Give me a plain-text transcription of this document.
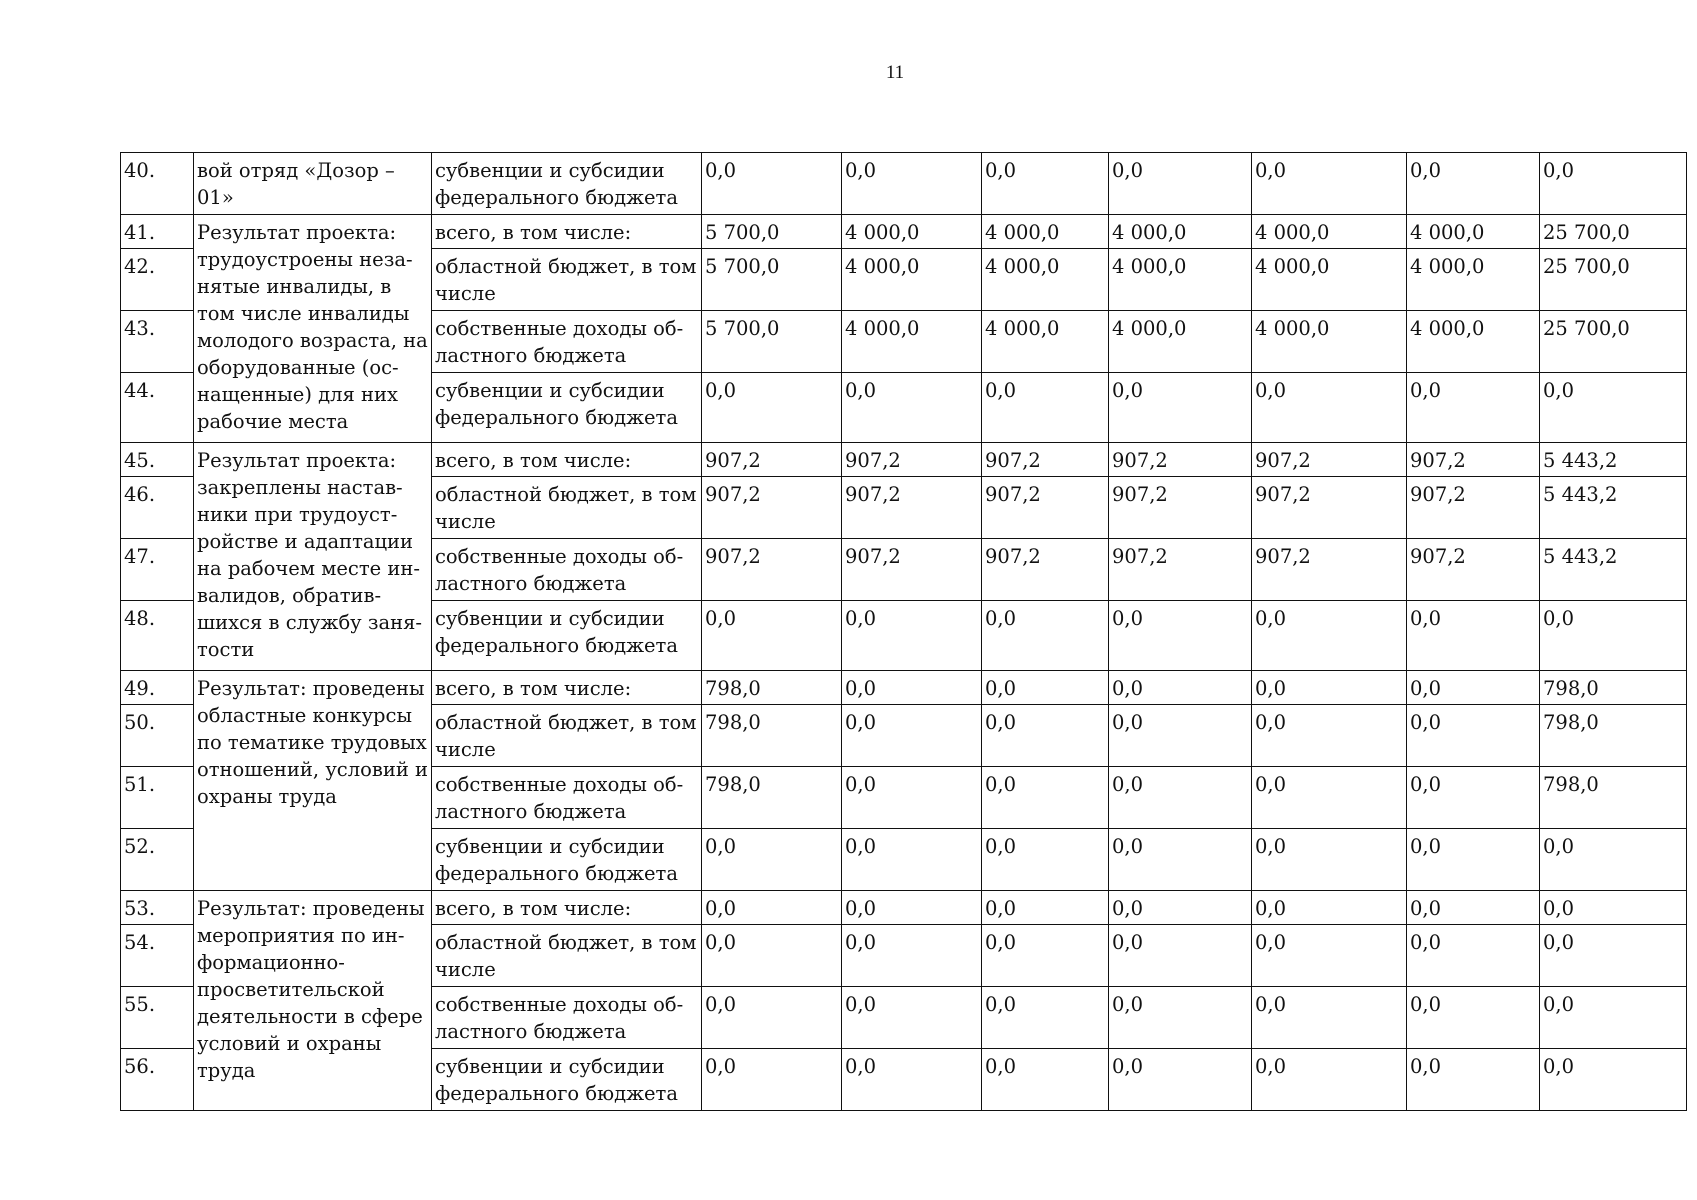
11
40.	вой отряд «Дозор – 01»	субвенции и субсидии федерального бюджета	0,0	0,0	0,0	0,0	0,0	0,0	0,0
41.	Результат проекта: трудоустроены неза-нятые инвалиды, в том числе инвалиды молодого возраста, на оборудованные (ос-нащенные) для них рабочие места	всего, в том числе:	5 700,0	4 000,0	4 000,0	4 000,0	4 000,0	4 000,0	25 700,0
42.		областной бюджет, в том числе	5 700,0	4 000,0	4 000,0	4 000,0	4 000,0	4 000,0	25 700,0
43.		собственные доходы об-ластного бюджета	5 700,0	4 000,0	4 000,0	4 000,0	4 000,0	4 000,0	25 700,0
44.		субвенции и субсидии федерального бюджета	0,0	0,0	0,0	0,0	0,0	0,0	0,0
45.	Результат проекта: закреплены настав-ники при трудоуст-ройстве и адаптации на рабочем месте ин-валидов, обратив-шихся в службу заня-тости	всего, в том числе:	907,2	907,2	907,2	907,2	907,2	907,2	5 443,2
46.		областной бюджет, в том числе	907,2	907,2	907,2	907,2	907,2	907,2	5 443,2
47.		собственные доходы об-ластного бюджета	907,2	907,2	907,2	907,2	907,2	907,2	5 443,2
48.		субвенции и субсидии федерального бюджета	0,0	0,0	0,0	0,0	0,0	0,0	0,0
49.	Результат: проведены областные конкурсы по тематике трудовых отношений, условий и охраны труда	всего, в том числе:	798,0	0,0	0,0	0,0	0,0	0,0	798,0
50.		областной бюджет, в том числе	798,0	0,0	0,0	0,0	0,0	0,0	798,0
51.		собственные доходы об-ластного бюджета	798,0	0,0	0,0	0,0	0,0	0,0	798,0
52.		субвенции и субсидии федерального бюджета	0,0	0,0	0,0	0,0	0,0	0,0	0,0
53.	Результат: проведены мероприятия по ин-формационно-просветительской деятельности в сфере условий и охраны труда	всего, в том числе:	0,0	0,0	0,0	0,0	0,0	0,0	0,0
54.		областной бюджет, в том числе	0,0	0,0	0,0	0,0	0,0	0,0	0,0
55.		собственные доходы об-ластного бюджета	0,0	0,0	0,0	0,0	0,0	0,0	0,0
56.		субвенции и субсидии федерального бюджета	0,0	0,0	0,0	0,0	0,0	0,0	0,0
